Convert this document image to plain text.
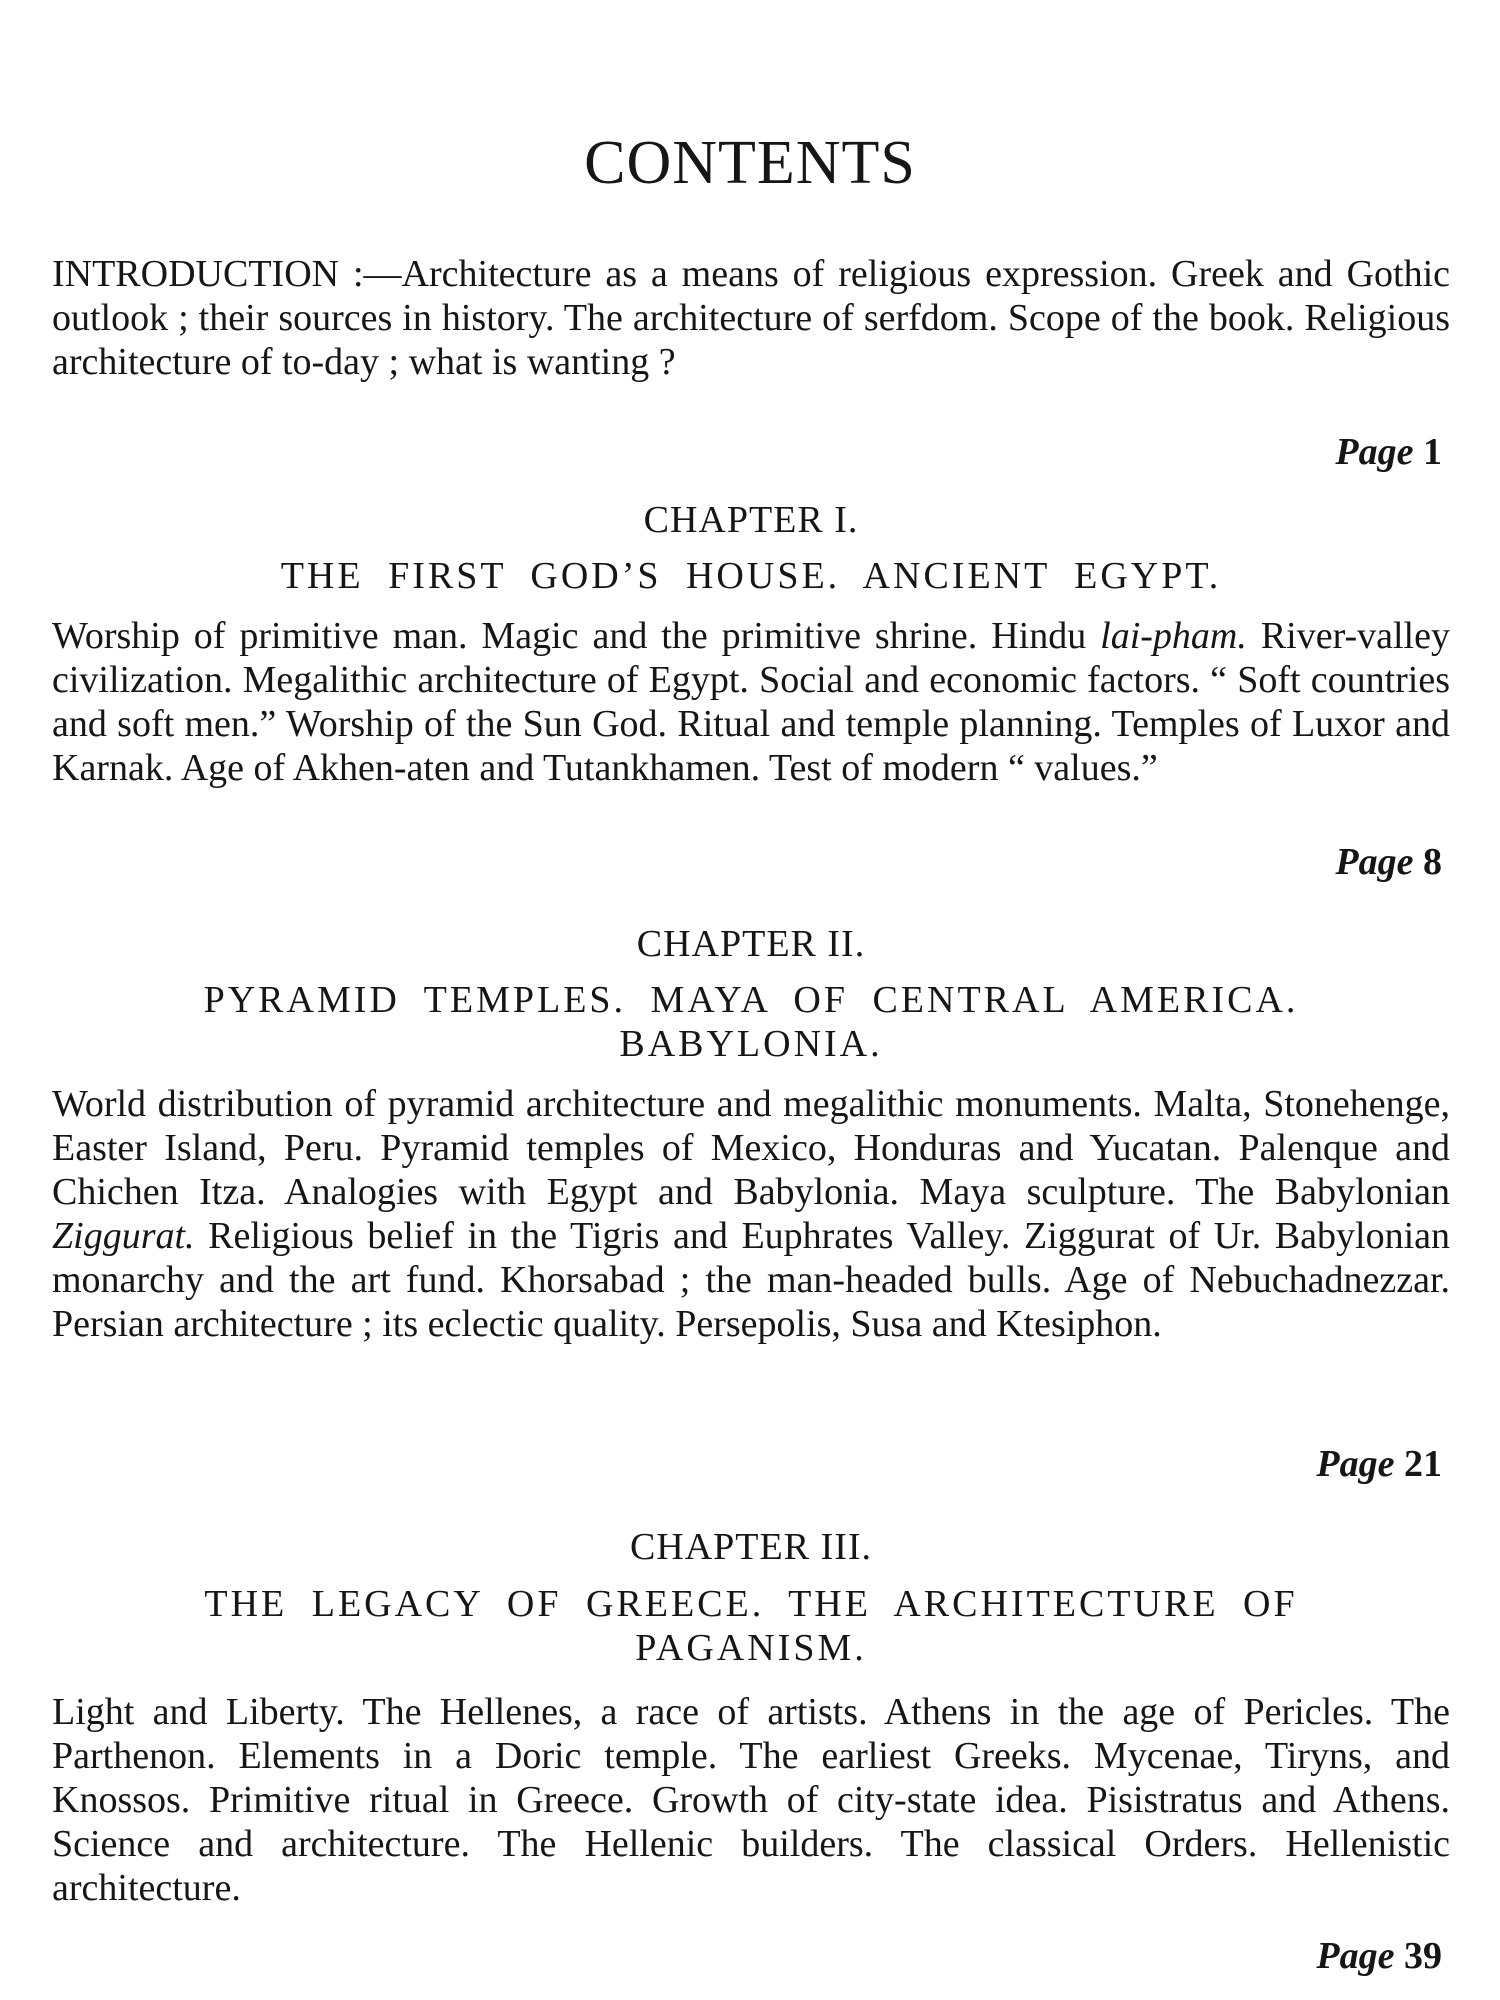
CONTENTS
INTRODUCTION :—Architecture as a means of religious expression. Greek and Gothic outlook ; their sources in history. The architecture of serfdom. Scope of the book. Religious architecture of to-day ; what is wanting ?
Page 1
CHAPTER I.
THE FIRST GOD’S HOUSE. ANCIENT EGYPT.
Worship of primitive man. Magic and the primitive shrine. Hindu lai-pham. River-valley civilization. Megalithic architecture of Egypt. Social and economic factors. “ Soft countries and soft men.” Worship of the Sun God. Ritual and temple planning. Temples of Luxor and Karnak. Age of Akhen-aten and Tutankhamen. Test of modern “ values.”
Page 8
CHAPTER II.
PYRAMID TEMPLES. MAYA OF CENTRAL AMERICA. BABYLONIA.
World distribution of pyramid architecture and megalithic monuments. Malta, Stonehenge, Easter Island, Peru. Pyramid temples of Mexico, Honduras and Yucatan. Palenque and Chichen Itza. Analogies with Egypt and Babylonia. Maya sculpture. The Babylonian Ziggurat. Religious belief in the Tigris and Euphrates Valley. Ziggurat of Ur. Babylonian monarchy and the art fund. Khorsabad ; the man-headed bulls. Age of Nebuchadnezzar. Persian architecture ; its eclectic quality. Persepolis, Susa and Ktesiphon.
Page 21
CHAPTER III.
THE LEGACY OF GREECE. THE ARCHITECTURE OF PAGANISM.
Light and Liberty. The Hellenes, a race of artists. Athens in the age of Pericles. The Parthenon. Elements in a Doric temple. The earliest Greeks. Mycenae, Tiryns, and Knossos. Primitive ritual in Greece. Growth of city-state idea. Pisistratus and Athens. Science and architecture. The Hellenic builders. The classical Orders. Hellenistic architecture.
Page 39
